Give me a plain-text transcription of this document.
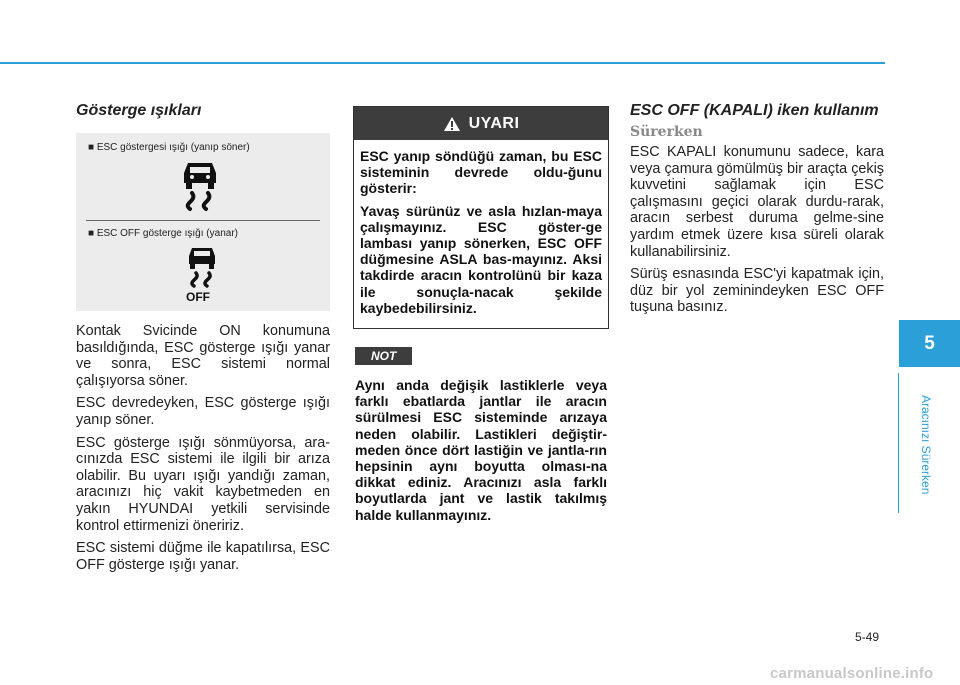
Gösterge ışıkları
■ ESC göstergesi ışığı (yanıp söner)
■ ESC OFF gösterge ışığı (yanar)
OFF

Kontak Svicinde ON konumuna basıldığında, ESC gösterge ışığı yanar ve sonra, ESC sistemi normal çalışıyorsa söner.

ESC devredeyken, ESC gösterge ışığı yanıp söner.

ESC gösterge ışığı sönmüyorsa, ara-cınızda ESC sistemi ile ilgili bir arıza olabilir. Bu uyarı ışığı yandığı zaman, aracınızı hiç vakit kaybetmeden en yakın HYUNDAI yetkili servisinde kontrol ettirmenizi öneririz.

ESC sistemi düğme ile kapatılırsa, ESC OFF gösterge ışığı yanar.

UYARI

ESC yanıp söndüğü zaman, bu ESC sisteminin devrede oldu-ğunu gösterir:

Yavaş sürünüz ve asla hızlan-maya çalışmayınız. ESC göster-ge lambası yanıp sönerken, ESC OFF düğmesine ASLA bas-mayınız. Aksi takdirde aracın kontrolünü bir kaza ile sonuçla-nacak şekilde kaybedebilirsiniz.

NOT

Aynı anda değişik lastiklerle veya farklı ebatlarda jantlar ile aracın sürülmesi ESC sisteminde arızaya neden olabilir. Lastikleri değiştir-meden önce dört lastiğin ve jantla-rın hepsinin aynı boyutta olması-na dikkat ediniz. Aracınızı asla farklı boyutlarda jant ve lastik takılmış halde kullanmayınız.

ESC OFF (KAPALI) iken kullanım
Sürerken

ESC KAPALI konumunu sadece, kara veya çamura gömülmüş bir araçta çekiş kuvvetini sağlamak için ESC çalışmasını geçici olarak durdu-rarak, aracın serbest duruma gelme-sine yardım etmek üzere kısa süreli olarak kullanabilirsiniz.

Sürüş esnasında ESC'yi kapatmak için, düz bir yol zeminindeyken ESC OFF tuşuna basınız.

5
Aracınızı Sürerken
5-49
carmanualsonline.info
